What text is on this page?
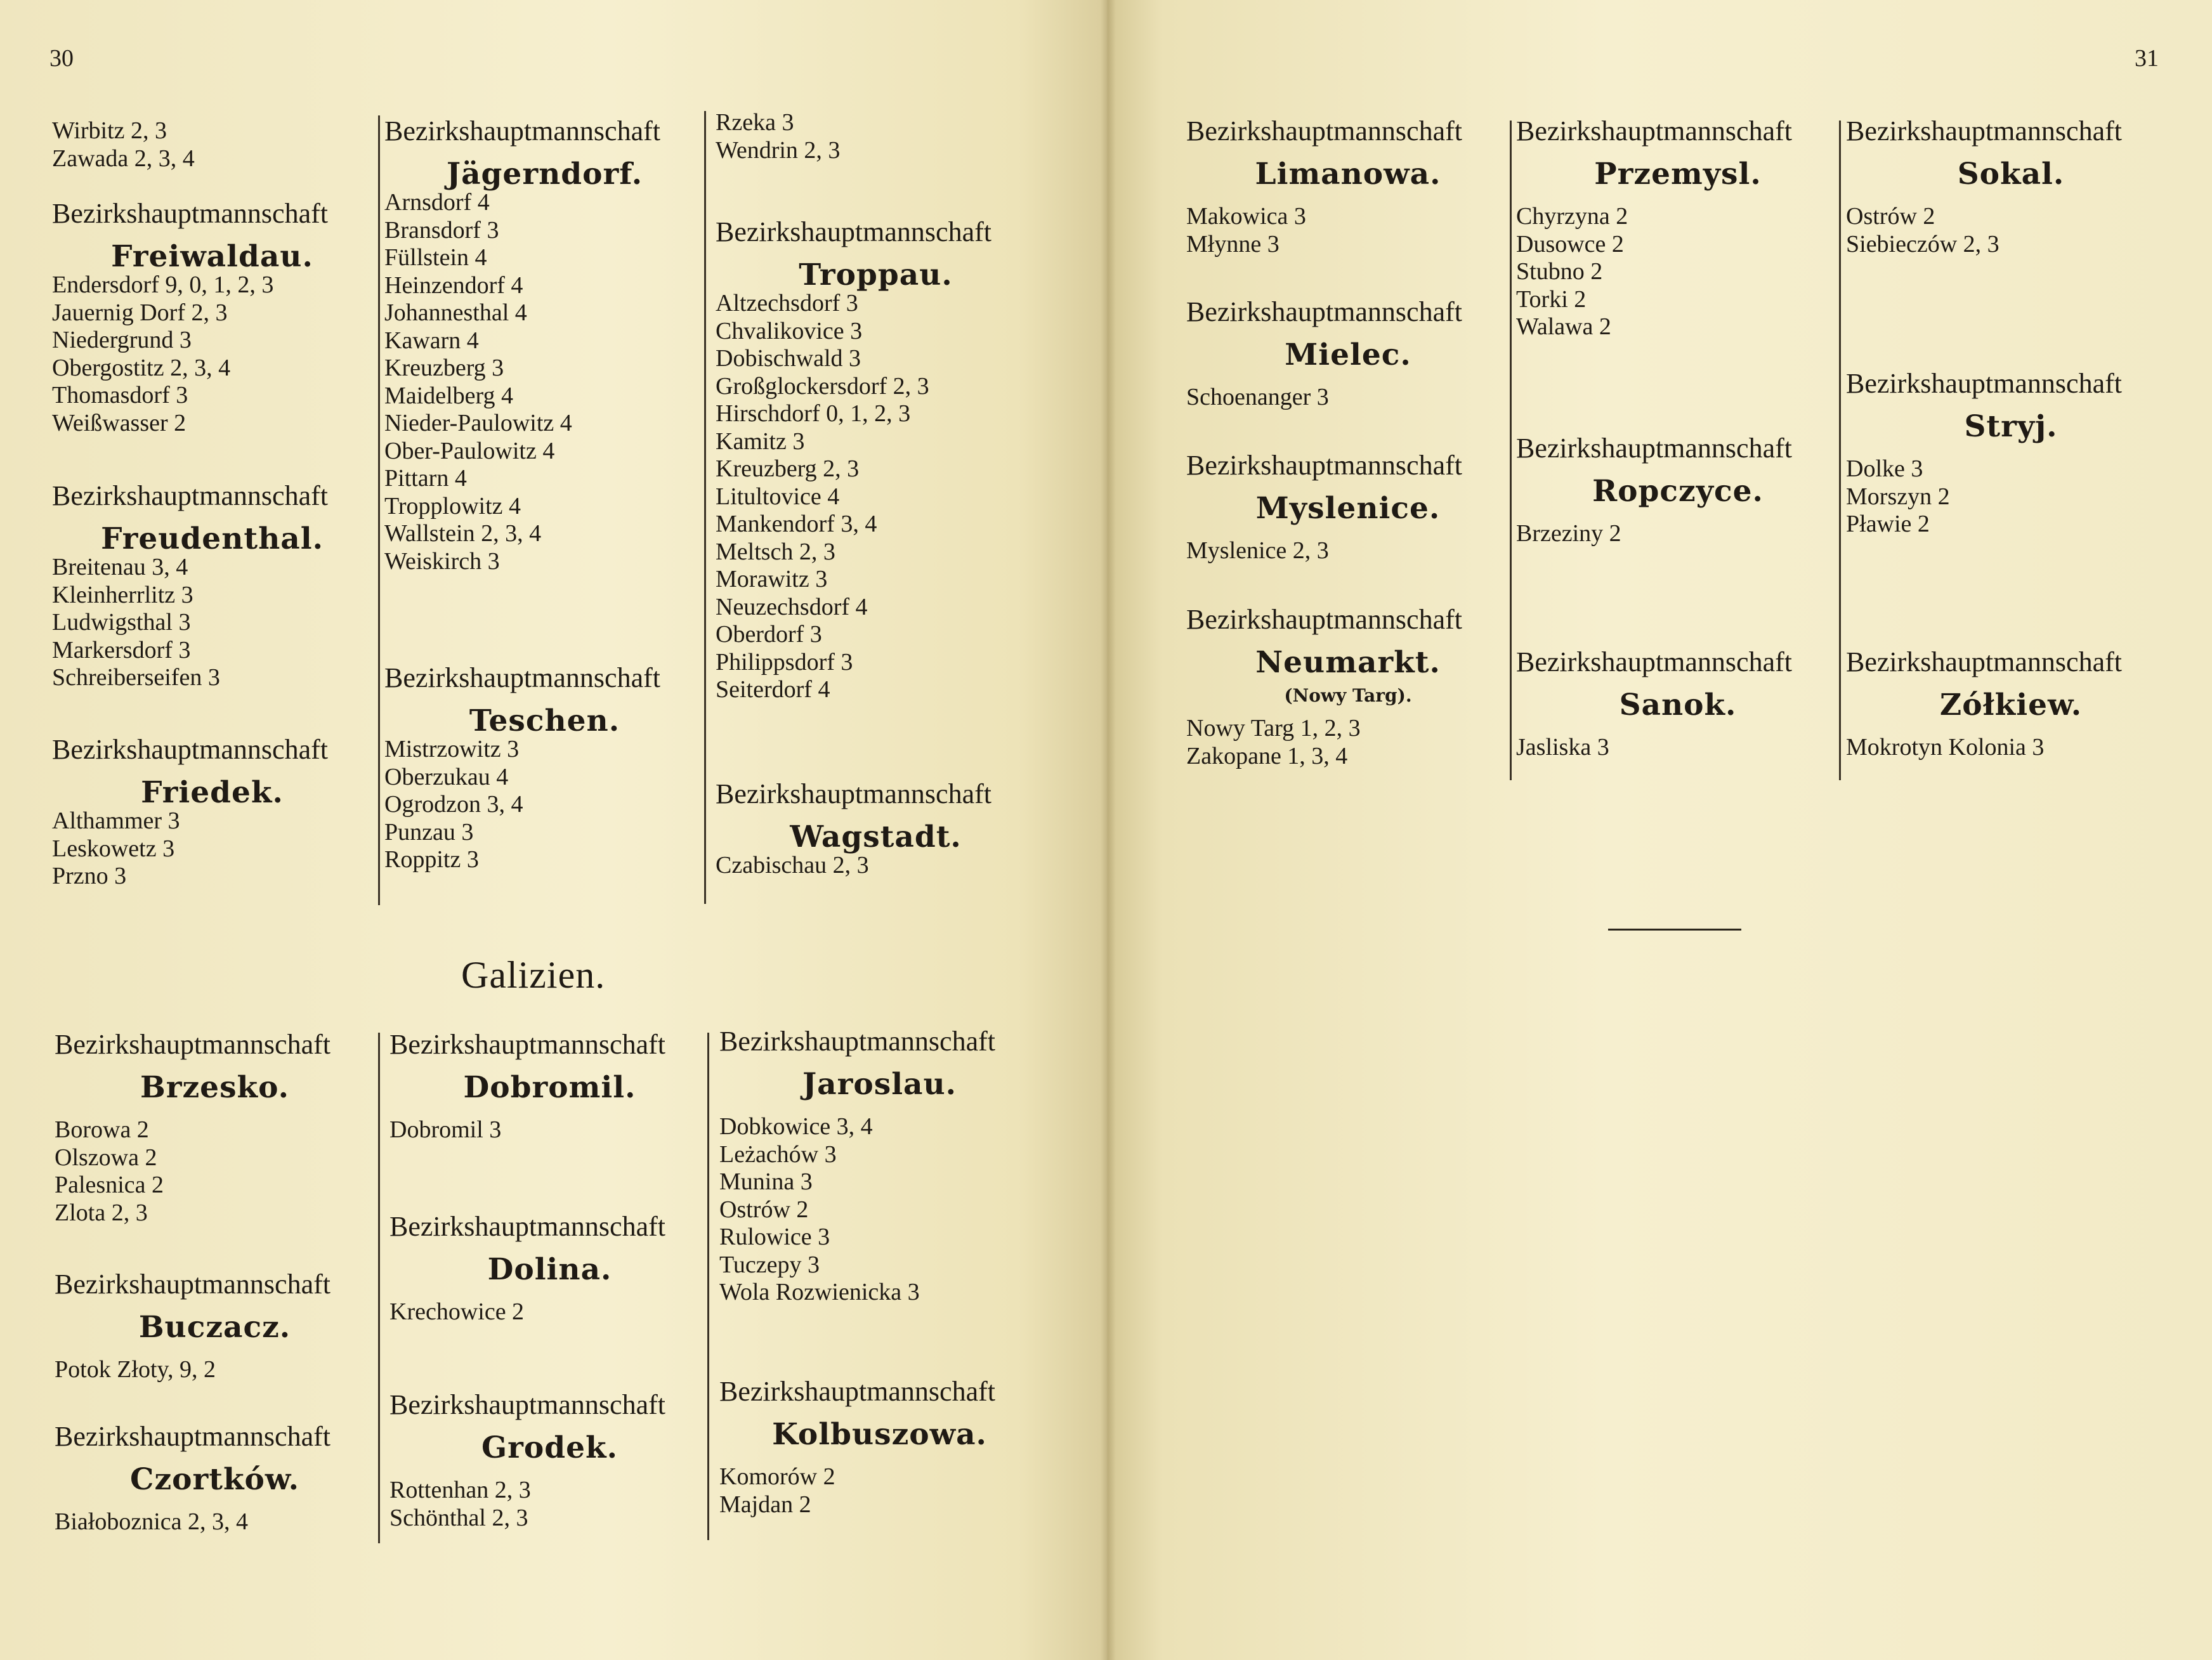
30
Wirbitz 2, 3
Zawada 2, 3, 4

Bezirkshauptmannschaft

Freiwaldau.

Endersdorf 9, 0, 1, 2, 3
Jauernig Dorf 2, 3
Niedergrund 3
Obergostitz 2, 3, 4
Thomasdorf 3
Weißwasser 2

Bezirkshauptmannschaft

Freudenthal.

Breitenau 3, 4
Kleinherrlitz 3
Ludwigsthal 3
Markersdorf 3
Schreiberseifen 3

Bezirkshauptmannschaft

Friedek.

Althammer 3
Leskowetz 3
Przno 3

Bezirkshauptmannschaft

Jägerndorf.

Arnsdorf 4
Bransdorf 3
Füllstein 4
Heinzendorf 4
Johannesthal 4
Kawarn 4
Kreuzberg 3
Maidelberg 4
Nieder-Paulowitz 4
Ober-Paulowitz 4
Pittarn 4
Tropplowitz 4
Wallstein 2, 3, 4
Weiskirch 3

Bezirkshauptmannschaft

Teschen.

Mistrzowitz 3
Oberzukau 4
Ogrodzon 3, 4
Punzau 3
Roppitz 3
Rzeka 3
Wendrin 2, 3

Bezirkshauptmannschaft

Troppau.

Altzechsdorf 3
Chvalikovice 3
Dobischwald 3
Großglockersdorf 2, 3
Hirschdorf 0, 1, 2, 3
Kamitz 3
Kreuzberg 2, 3
Litultovice 4
Mankendorf 3, 4
Meltsch 2, 3
Morawitz 3
Neuzechsdorf 4
Oberdorf 3
Philippsdorf 3
Seiterdorf 4

Bezirkshauptmannschaft

Wagstadt.

Czabischau 2, 3
Galizien.

Bezirkshauptmannschaft

Brzesko.

Borowa 2
Olszowa 2
Palesnica 2
Zlota 2, 3

Bezirkshauptmannschaft

Buczacz.

Potok Złoty, 9, 2

Bezirkshauptmannschaft

Czortków.

Białoboznica 2, 3, 4

Bezirkshauptmannschaft

Dobromil.

Dobromil 3

Bezirkshauptmannschaft

Dolina.

Krechowice 2

Bezirkshauptmannschaft

Grodek.

Rottenhan 2, 3
Schönthal 2, 3

Bezirkshauptmannschaft

Jaroslau.

Dobkowice 3, 4
Leżachów 3
Munina 3
Ostrów 2
Rulowice 3
Tuczepy 3
Wola Rozwienicka 3

Bezirkshauptmannschaft

Kolbuszowa.

Komorów 2
Majdan 2
31

Bezirkshauptmannschaft

Limanowa.

Makowica 3
Młynne 3

Bezirkshauptmannschaft

Mielec.

Schoenanger 3

Bezirkshauptmannschaft

Myslenice.

Myslenice 2, 3

Bezirkshauptmannschaft

Neumarkt.

(Nowy Targ).

Nowy Targ 1, 2, 3
Zakopane 1, 3, 4

Bezirkshauptmannschaft

Przemysl.

Chyrzyna 2
Dusowce 2
Stubno 2
Torki 2
Walawa 2

Bezirkshauptmannschaft

Ropczyce.

Brzeziny 2

Bezirkshauptmannschaft

Sanok.

Jasliska 3

Bezirkshauptmannschaft

Sokal.

Ostrów 2
Siebieczów 2, 3

Bezirkshauptmannschaft

Stryj.

Dolke 3
Morszyn 2
Pławie 2

Bezirkshauptmannschaft

Zółkiew.

Mokrotyn Kolonia 3
